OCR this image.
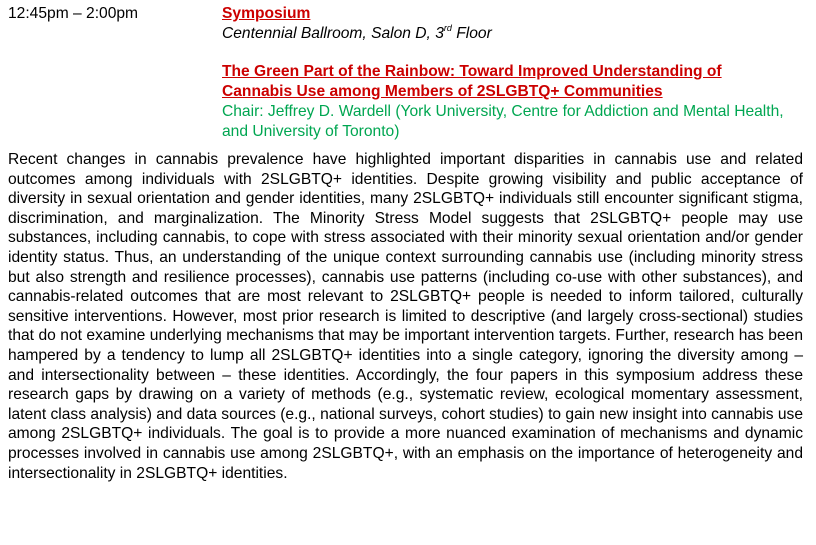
12:45pm – 2:00pm	Symposium
Centennial Ballroom, Salon D, 3rd Floor
The Green Part of the Rainbow: Toward Improved Understanding of Cannabis Use among Members of 2SLGBTQ+ Communities
Chair: Jeffrey D. Wardell (York University, Centre for Addiction and Mental Health, and University of Toronto)

Recent changes in cannabis prevalence have highlighted important disparities in cannabis use and related outcomes among individuals with 2SLGBTQ+ identities. Despite growing visibility and public acceptance of diversity in sexual orientation and gender identities, many 2SLGBTQ+ individuals still encounter significant stigma, discrimination, and marginalization. The Minority Stress Model suggests that 2SLGBTQ+ people may use substances, including cannabis, to cope with stress associated with their minority sexual orientation and/or gender identity status. Thus, an understanding of the unique context surrounding cannabis use (including minority stress but also strength and resilience processes), cannabis use patterns (including co-use with other substances), and cannabis-related outcomes that are most relevant to 2SLGBTQ+ people is needed to inform tailored, culturally sensitive interventions. However, most prior research is limited to descriptive (and largely cross-sectional) studies that do not examine underlying mechanisms that may be important intervention targets. Further, research has been hampered by a tendency to lump all 2SLGBTQ+ identities into a single category, ignoring the diversity among – and intersectionality between – these identities. Accordingly, the four papers in this symposium address these research gaps by drawing on a variety of methods (e.g., systematic review, ecological momentary assessment, latent class analysis) and data sources (e.g., national surveys, cohort studies) to gain new insight into cannabis use among 2SLGBTQ+ individuals. The goal is to provide a more nuanced examination of mechanisms and dynamic processes involved in cannabis use among 2SLGBTQ+, with an emphasis on the importance of heterogeneity and intersectionality in 2SLGBTQ+ identities.
